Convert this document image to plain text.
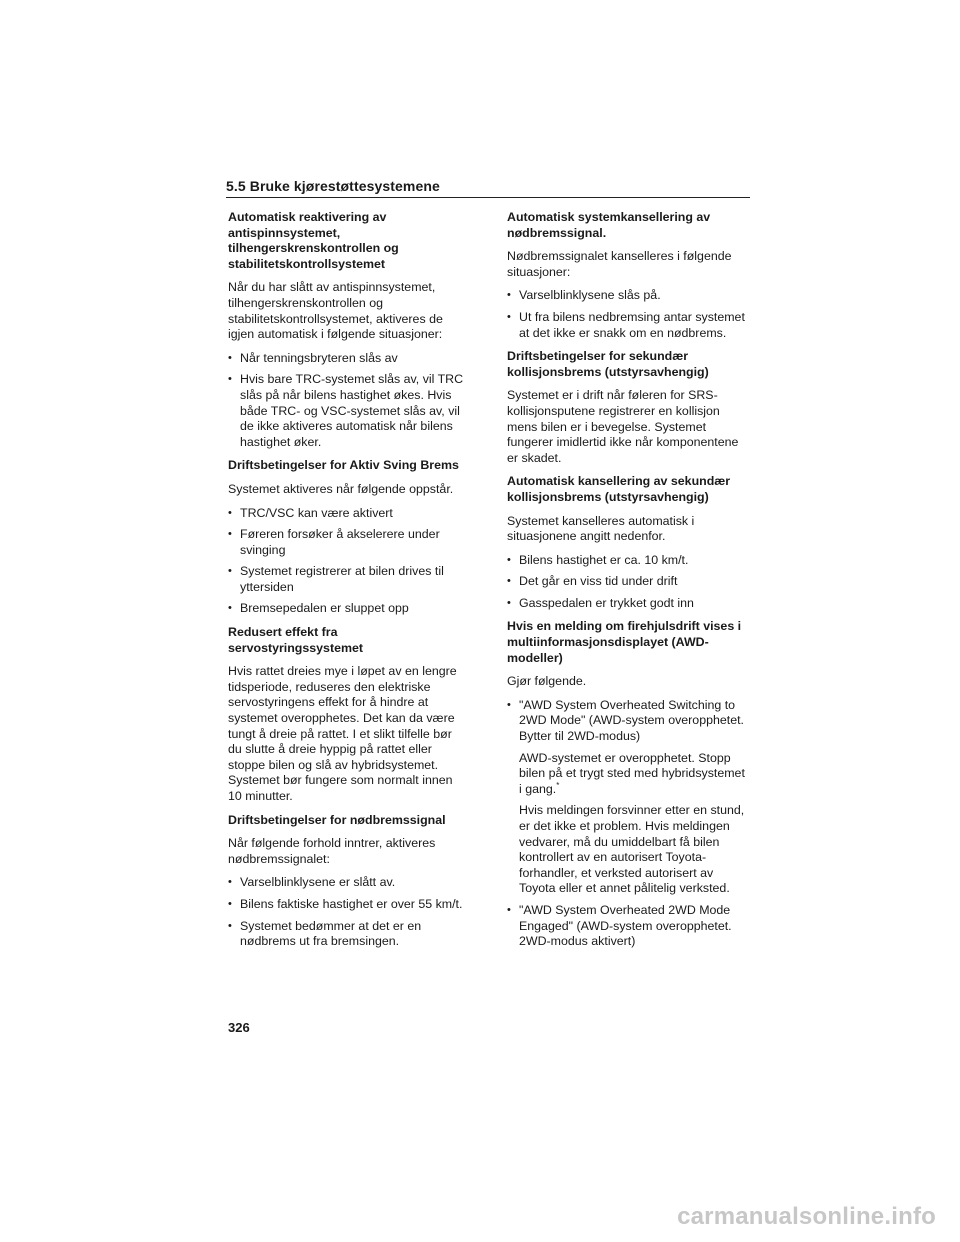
5.5 Bruke kjørestøttesystemene
Automatisk reaktivering av antispinnsystemet, tilhengerskrenskontrollen og stabilitetskontrollsystemet
Når du har slått av antispinnsystemet, tilhengerskrenskontrollen og stabilitetskontrollsystemet, aktiveres de igjen automatisk i følgende situasjoner:
• Når tenningsbryteren slås av
• Hvis bare TRC-systemet slås av, vil TRC slås på når bilens hastighet økes. Hvis både TRC- og VSC-systemet slås av, vil de ikke aktiveres automatisk når bilens hastighet øker.
Driftsbetingelser for Aktiv Sving Brems
Systemet aktiveres når følgende oppstår.
• TRC/VSC kan være aktivert
• Føreren forsøker å akselerere under svinging
• Systemet registrerer at bilen drives til yttersiden
• Bremsepedalen er sluppet opp
Redusert effekt fra servostyringssystemet
Hvis rattet dreies mye i løpet av en lengre tidsperiode, reduseres den elektriske servostyringens effekt for å hindre at systemet overopphetes. Det kan da være tungt å dreie på rattet. I et slikt tilfelle bør du slutte å dreie hyppig på rattet eller stoppe bilen og slå av hybridsystemet. Systemet bør fungere som normalt innen 10 minutter.
Driftsbetingelser for nødbremssignal
Når følgende forhold inntrer, aktiveres nødbremssignalet:
• Varselblinklysene er slått av.
• Bilens faktiske hastighet er over 55 km/t.
• Systemet bedømmer at det er en nødbrems ut fra bremsingen.
Automatisk systemkansellering av nødbremssignal.
Nødbremssignalet kanselleres i følgende situasjoner:
• Varselblinklysene slås på.
• Ut fra bilens nedbremsing antar systemet at det ikke er snakk om en nødbrems.
Driftsbetingelser for sekundær kollisjonsbrems (utstyrsavhengig)
Systemet er i drift når føleren for SRS-kollisjonsputene registrerer en kollisjon mens bilen er i bevegelse. Systemet fungerer imidlertid ikke når komponentene er skadet.
Automatisk kansellering av sekundær kollisjonsbrems (utstyrsavhengig)
Systemet kanselleres automatisk i situasjonene angitt nedenfor.
• Bilens hastighet er ca. 10 km/t.
• Det går en viss tid under drift
• Gasspedalen er trykket godt inn
Hvis en melding om firehjulsdrift vises i multiinformasjonsdisplayet (AWD-modeller)
Gjør følgende.
• "AWD System Overheated Switching to 2WD Mode" (AWD-system overopphetet. Bytter til 2WD-modus)
AWD-systemet er overopphetet. Stopp bilen på et trygt sted med hybridsystemet i gang.*
Hvis meldingen forsvinner etter en stund, er det ikke et problem. Hvis meldingen vedvarer, må du umiddelbart få bilen kontrollert av en autorisert Toyota-forhandler, et verksted autorisert av Toyota eller et annet pålitelig verksted.
• "AWD System Overheated 2WD Mode Engaged" (AWD-system overopphetet. 2WD-modus aktivert)
326
carmanualsonline.info
